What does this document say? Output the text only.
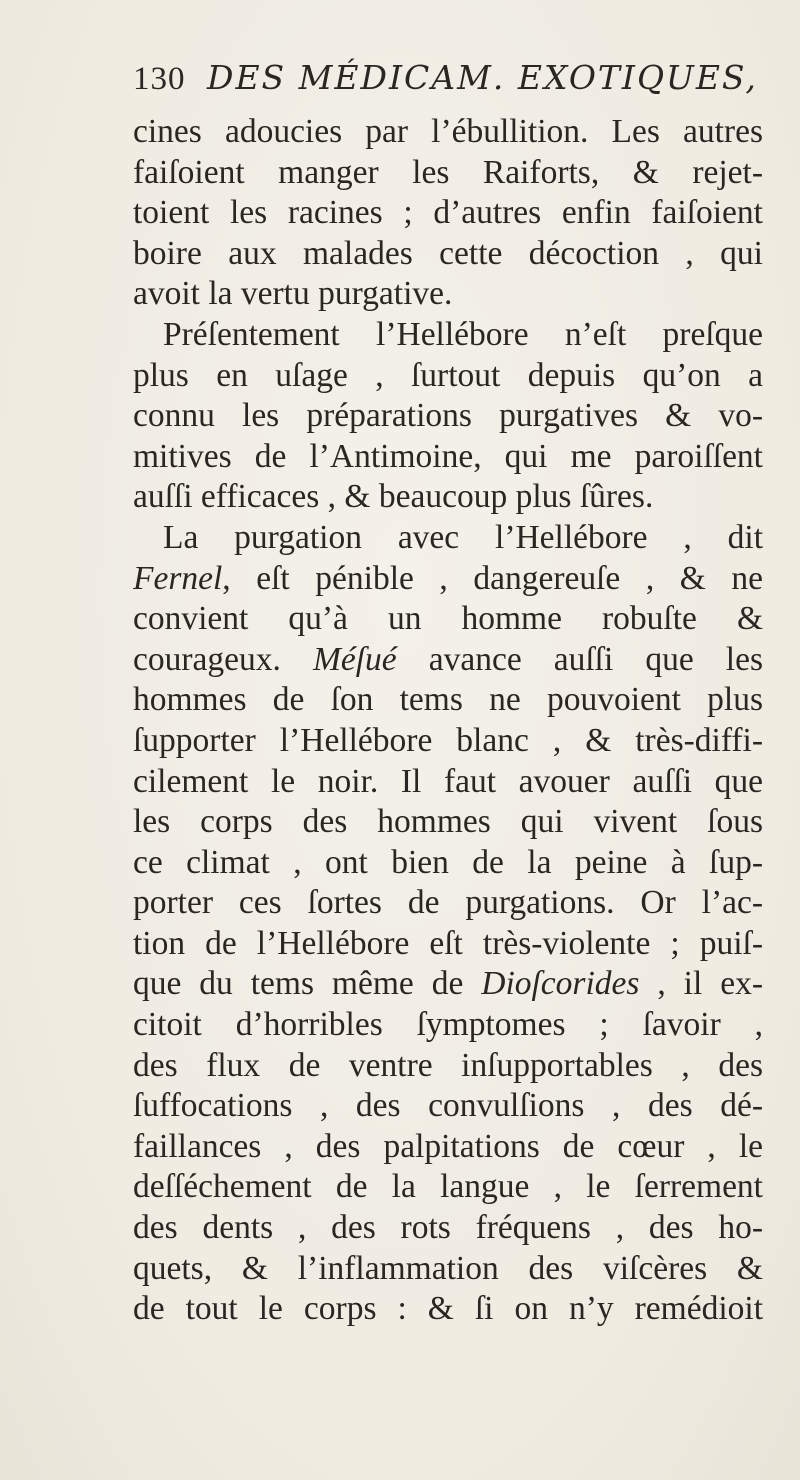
130 DES MÉDICAM. EXOTIQUES,
cines adoucies par l’ébullition. Les autres
faiſoient manger les Raiforts, & rejet-
toient les racines ; d’autres enfin faiſoient
boire aux malades cette décoction , qui
avoit la vertu purgative.
Préſentement l’Hellébore n’eſt preſque
plus en uſage , ſurtout depuis qu’on a
connu les préparations purgatives & vo-
mitives de l’Antimoine, qui me paroiſſent
auſſi efficaces , & beaucoup plus ſûres.
La purgation avec l’Hellébore , dit
Fernel, eſt pénible , dangereuſe , & ne
convient qu’à un homme robuſte &
courageux. Méſué avance auſſi que les
hommes de ſon tems ne pouvoient plus
ſupporter l’Hellébore blanc , & très-diffi-
cilement le noir. Il faut avouer auſſi que
les corps des hommes qui vivent ſous
ce climat , ont bien de la peine à ſup-
porter ces ſortes de purgations. Or l’ac-
tion de l’Hellébore eſt très-violente ; puiſ-
que du tems même de Dioſcorides , il ex-
citoit d’horribles ſymptomes ; ſavoir ,
des flux de ventre inſupportables , des
ſuffocations , des convulſions , des dé-
faillances , des palpitations de cœur , le
deſſéchement de la langue , le ſerrement
des dents , des rots fréquens , des ho-
quets, & l’inflammation des viſcères &
de tout le corps : & ſi on n’y remédioit
